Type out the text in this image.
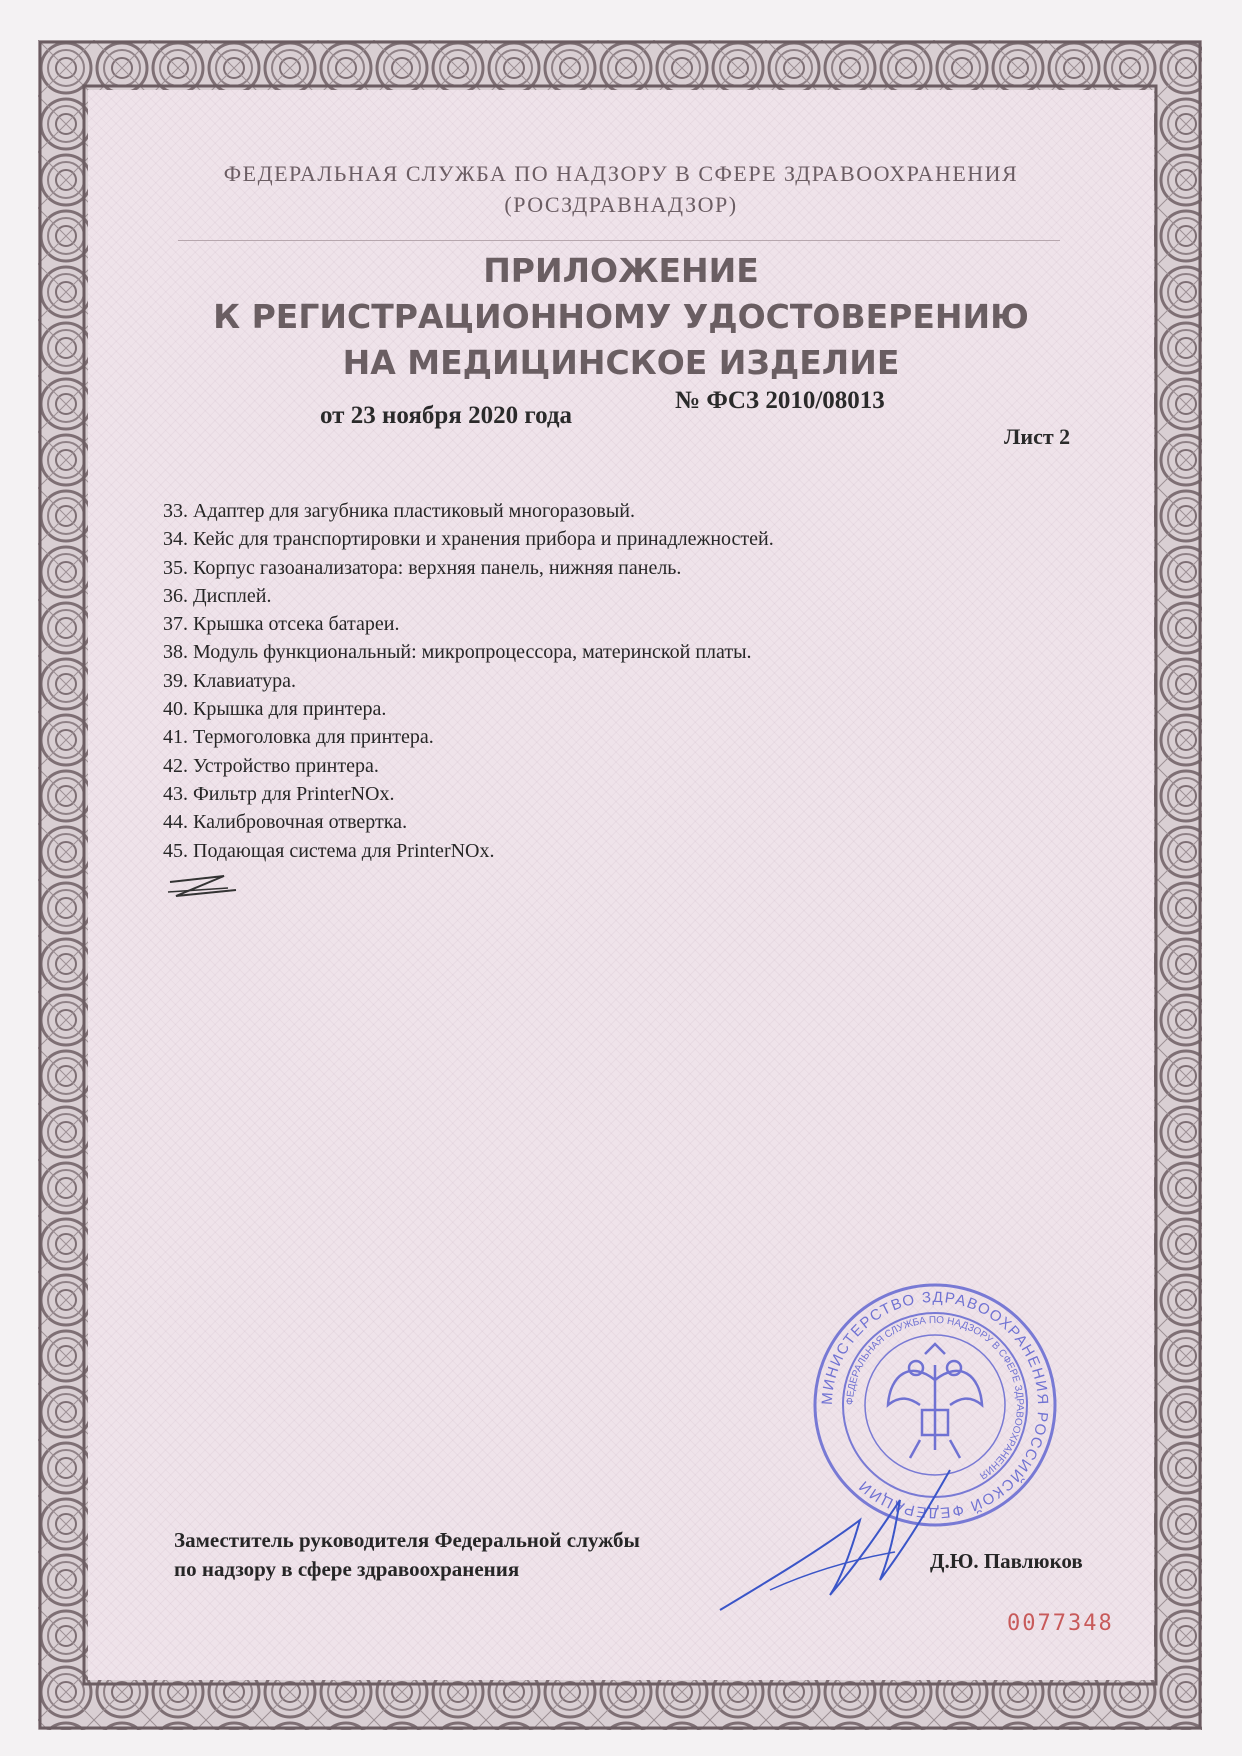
ФЕДЕРАЛЬНАЯ СЛУЖБА ПО НАДЗОРУ В СФЕРЕ ЗДРАВООХРАНЕНИЯ
(РОСЗДРАВНАДЗОР)
ПРИЛОЖЕНИЕ
К РЕГИСТРАЦИОННОМУ УДОСТОВЕРЕНИЮ
НА МЕДИЦИНСКОЕ ИЗДЕЛИЕ
от 23 ноября 2020 года
№ ФСЗ 2010/08013
Лист 2
33. Адаптер для загубника пластиковый многоразовый.
34. Кейс для транспортировки и хранения прибора и принадлежностей.
35. Корпус газоанализатора: верхняя панель, нижняя панель.
36. Дисплей.
37. Крышка отсека батареи.
38. Модуль функциональный: микропроцессора, материнской платы.
39. Клавиатура.
40. Крышка для принтера.
41. Термоголовка для принтера.
42. Устройство принтера.
43. Фильтр для PrinterNOx.
44. Калибровочная отвертка.
45. Подающая система для PrinterNOx.
МИНИСТЕРСТВО ЗДРАВООХРАНЕНИЯ РОССИЙСКОЙ ФЕДЕРАЦИИ
ФЕДЕРАЛЬНАЯ СЛУЖБА ПО НАДЗОРУ В СФЕРЕ ЗДРАВООХРАНЕНИЯ
Заместитель руководителя Федеральной службы
по надзору в сфере здравоохранения	Д.Ю. Павлюков
0077348
